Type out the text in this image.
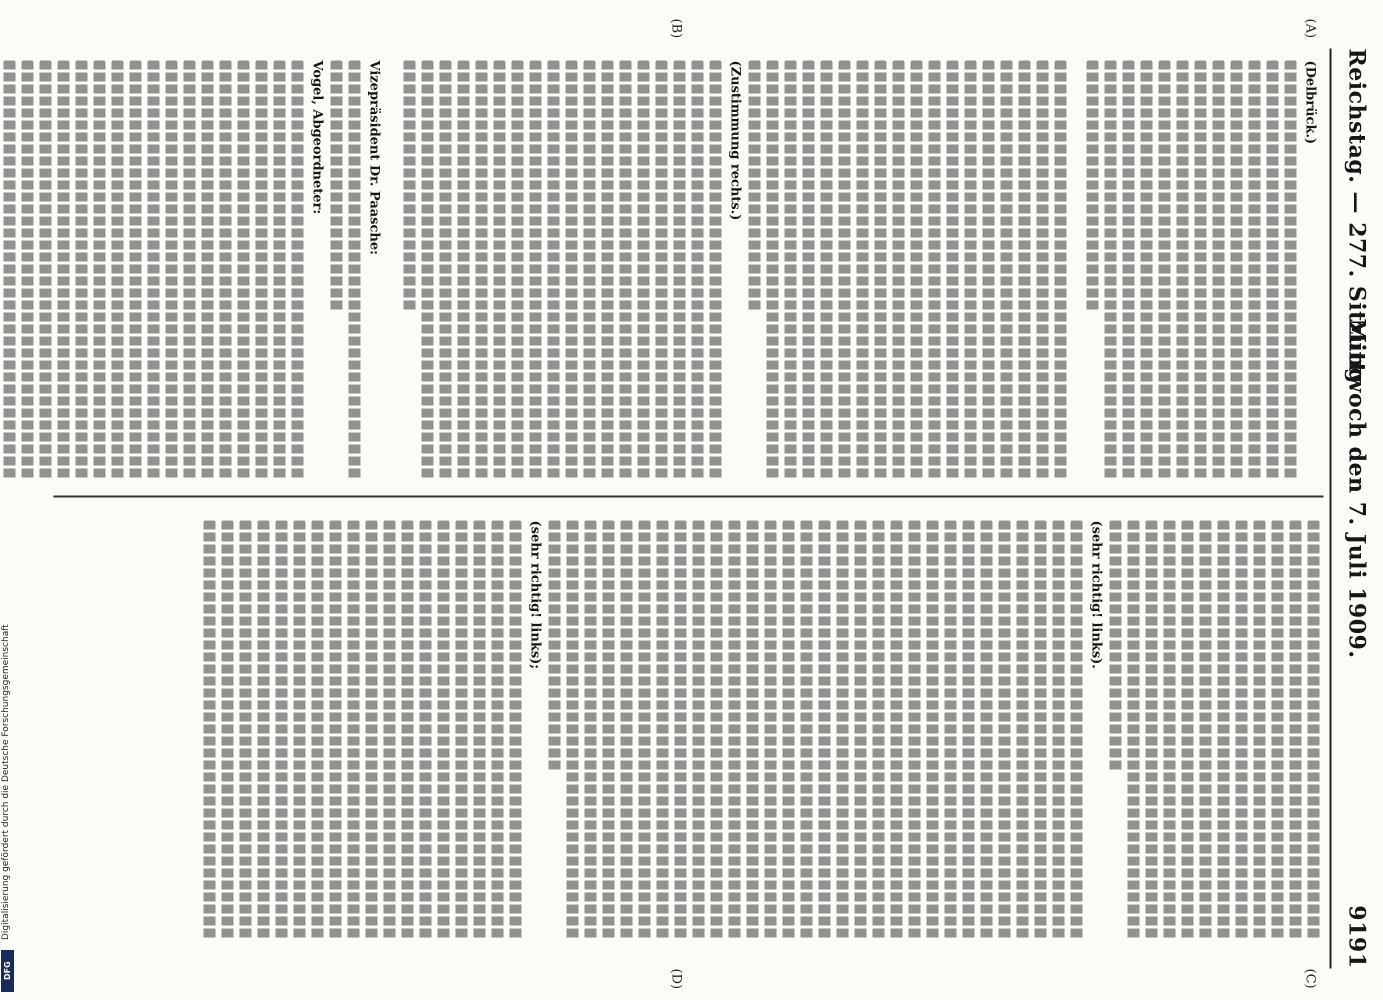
Reichstag. — 277. Sitzung.
Mittwoch den 7. Juli 1909.
9191
(A)
(B)
(C)
(D)
(Delbrück.)
(Zustimmung rechts.)
Vizepräsident Dr. Paasche:
Vogel, Abgeordneter:
(sehr richtig! links).
(sehr richtig! links);
Digitalisierung gefördert durch die Deutsche Forschungsgemeinschaft
DFG
